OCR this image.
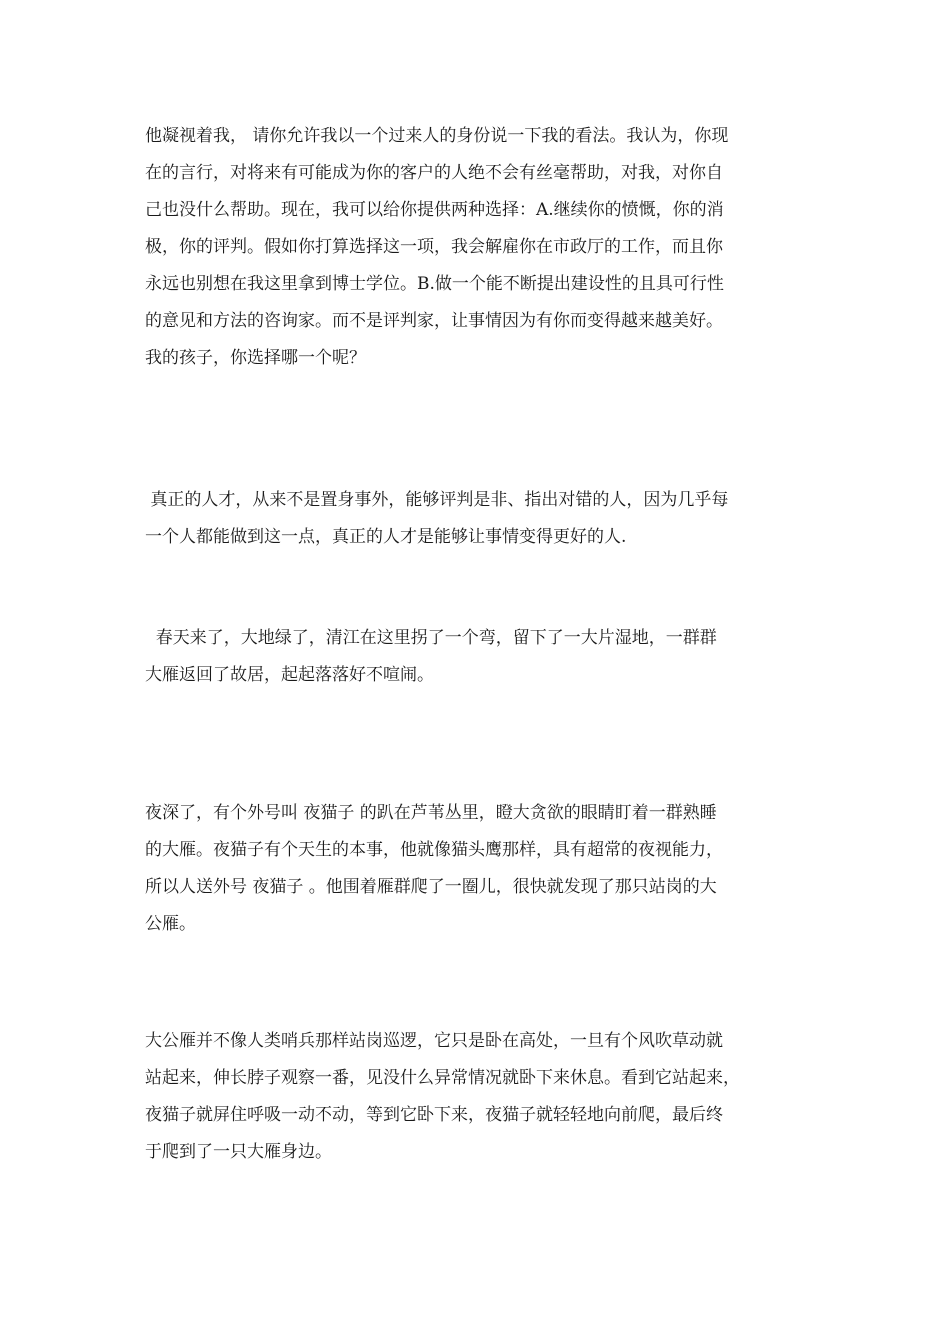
他凝视着我， 请你允许我以一个过来人的身份说一下我的看法。我认为，你现
在的言行，对将来有可能成为你的客户的人绝不会有丝毫帮助，对我，对你自
己也没什么帮助。现在，我可以给你提供两种选择：A.继续你的愤慨，你的消
极，你的评判。假如你打算选择这一项，我会解雇你在市政厅的工作，而且你
永远也别想在我这里拿到博士学位。B.做一个能不断提出建设性的且具可行性
的意见和方法的咨询家。而不是评判家，让事情因为有你而变得越来越美好。
我的孩子，你选择哪一个呢？

真正的人才，从来不是置身事外，能够评判是非、指出对错的人，因为几乎每
一个人都能做到这一点，真正的人才是能够让事情变得更好的人.

春天来了，大地绿了，清江在这里拐了一个弯，留下了一大片湿地，一群群
大雁返回了故居，起起落落好不喧闹。

夜深了，有个外号叫 夜猫子 的趴在芦苇丛里，瞪大贪欲的眼睛盯着一群熟睡
的大雁。夜猫子有个天生的本事，他就像猫头鹰那样，具有超常的夜视能力，
所以人送外号 夜猫子 。他围着雁群爬了一圈儿，很快就发现了那只站岗的大
公雁。

大公雁并不像人类哨兵那样站岗巡逻，它只是卧在高处，一旦有个风吹草动就
站起来，伸长脖子观察一番，见没什么异常情况就卧下来休息。看到它站起来，
夜猫子就屏住呼吸一动不动，等到它卧下来，夜猫子就轻轻地向前爬，最后终
于爬到了一只大雁身边。
